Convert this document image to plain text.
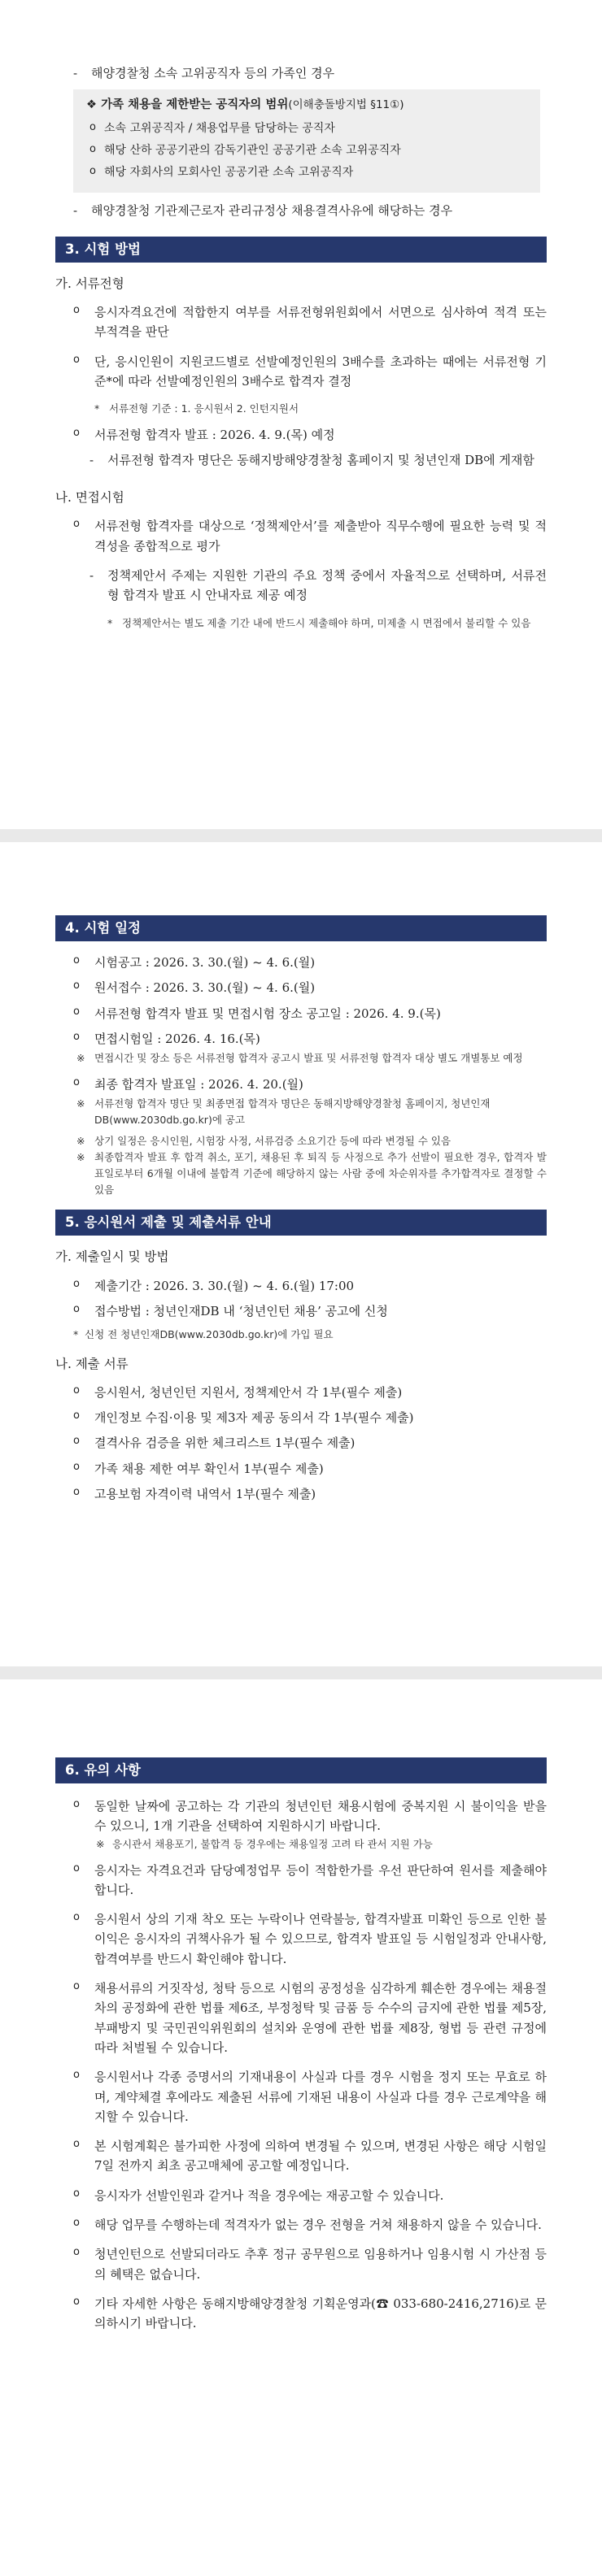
- 해양경찰청 소속 고위공직자 등의 가족인 경우
❖ 가족 채용을 제한받는 공직자의 범위(이해충돌방지법 §11①)
o 소속 고위공직자 / 채용업무를 담당하는 공직자
o 해당 산하 공공기관의 감독기관인 공공기관 소속 고위공직자
o 해당 자회사의 모회사인 공공기관 소속 고위공직자
- 해양경찰청 기관제근로자 관리규정상 채용결격사유에 해당하는 경우
3. 시험 방법
가. 서류전형
o 응시자격요건에 적합한지 여부를 서류전형위원회에서 서면으로 심사하여 적격 또는 부적격을 판단
o 단, 응시인원이 지원코드별로 선발예정인원의 3배수를 초과하는 때에는 서류전형 기준*에 따라 선발예정인원의 3배수로 합격자 결정
* 서류전형 기준 : 1. 응시원서 2. 인턴지원서
o 서류전형 합격자 발표 : 2026. 4. 9.(목) 예정
- 서류전형 합격자 명단은 동해지방해양경찰청 홈페이지 및 청년인재 DB에 게재함
나. 면접시험
o 서류전형 합격자를 대상으로 ‘정책제안서’를 제출받아 직무수행에 필요한 능력 및 적격성을 종합적으로 평가
- 정책제안서 주제는 지원한 기관의 주요 정책 중에서 자율적으로 선택하며, 서류전형 합격자 발표 시 안내자료 제공 예정
* 정책제안서는 별도 제출 기간 내에 반드시 제출해야 하며, 미제출 시 면접에서 불리할 수 있음
4. 시험 일정
o 시험공고 : 2026. 3. 30.(월) ~ 4. 6.(월)
o 원서접수 : 2026. 3. 30.(월) ~ 4. 6.(월)
o 서류전형 합격자 발표 및 면접시험 장소 공고일 : 2026. 4. 9.(목)
o 면접시험일 : 2026. 4. 16.(목)
※ 면접시간 및 장소 등은 서류전형 합격자 공고시 발표 및 서류전형 합격자 대상 별도 개별통보 예정
o 최종 합격자 발표일 : 2026. 4. 20.(월)
※ 서류전형 합격자 명단 및 최종면접 합격자 명단은 동해지방해양경찰청 홈페이지, 청년인재DB(www.2030db.go.kr)에 공고
※ 상기 일정은 응시인원, 시험장 사정, 서류검증 소요기간 등에 따라 변경될 수 있음
※ 최종합격자 발표 후 합격 취소, 포기, 채용된 후 퇴직 등 사정으로 추가 선발이 필요한 경우, 합격자 발표일로부터 6개월 이내에 불합격 기준에 해당하지 않는 사람 중에 차순위자를 추가합격자로 결정할 수 있음
5. 응시원서 제출 및 제출서류 안내
가. 제출일시 및 방법
o 제출기간 : 2026. 3. 30.(월) ~ 4. 6.(월) 17:00
o 접수방법 : 청년인재DB 내 ‘청년인턴 채용’ 공고에 신청
* 신청 전 청년인재DB(www.2030db.go.kr)에 가입 필요
나. 제출 서류
o 응시원서, 청년인턴 지원서, 정책제안서 각 1부(필수 제출)
o 개인정보 수집·이용 및 제3자 제공 동의서 각 1부(필수 제출)
o 결격사유 검증을 위한 체크리스트 1부(필수 제출)
o 가족 채용 제한 여부 확인서 1부(필수 제출)
o 고용보험 자격이력 내역서 1부(필수 제출)
6. 유의 사항
o 동일한 날짜에 공고하는 각 기관의 청년인턴 채용시험에 중복지원 시 불이익을 받을 수 있으니, 1개 기관을 선택하여 지원하시기 바랍니다.
※ 응시관서 채용포기, 불합격 등 경우에는 채용일정 고려 타 관서 지원 가능
o 응시자는 자격요건과 담당예정업무 등이 적합한가를 우선 판단하여 원서를 제출해야 합니다.
o 응시원서 상의 기재 착오 또는 누락이나 연락불능, 합격자발표 미확인 등으로 인한 불이익은 응시자의 귀책사유가 될 수 있으므로, 합격자 발표일 등 시험일정과 안내사항, 합격여부를 반드시 확인해야 합니다.
o 채용서류의 거짓작성, 청탁 등으로 시험의 공정성을 심각하게 훼손한 경우에는 채용절차의 공정화에 관한 법률 제6조, 부정청탁 및 금품 등 수수의 금지에 관한 법률 제5장, 부패방지 및 국민권익위원회의 설치와 운영에 관한 법률 제8장, 형법 등 관련 규정에 따라 처벌될 수 있습니다.
o 응시원서나 각종 증명서의 기재내용이 사실과 다를 경우 시험을 정지 또는 무효로 하며, 계약체결 후에라도 제출된 서류에 기재된 내용이 사실과 다를 경우 근로계약을 해지할 수 있습니다.
o 본 시험계획은 불가피한 사정에 의하여 변경될 수 있으며, 변경된 사항은 해당 시험일 7일 전까지 최초 공고매체에 공고할 예정입니다.
o 응시자가 선발인원과 같거나 적을 경우에는 재공고할 수 있습니다.
o 해당 업무를 수행하는데 적격자가 없는 경우 전형을 거쳐 채용하지 않을 수 있습니다.
o 청년인턴으로 선발되더라도 추후 정규 공무원으로 임용하거나 임용시험 시 가산점 등의 혜택은 없습니다.
o 기타 자세한 사항은 동해지방해양경찰청 기획운영과(☎ 033-680-2416,2716)로 문의하시기 바랍니다.
